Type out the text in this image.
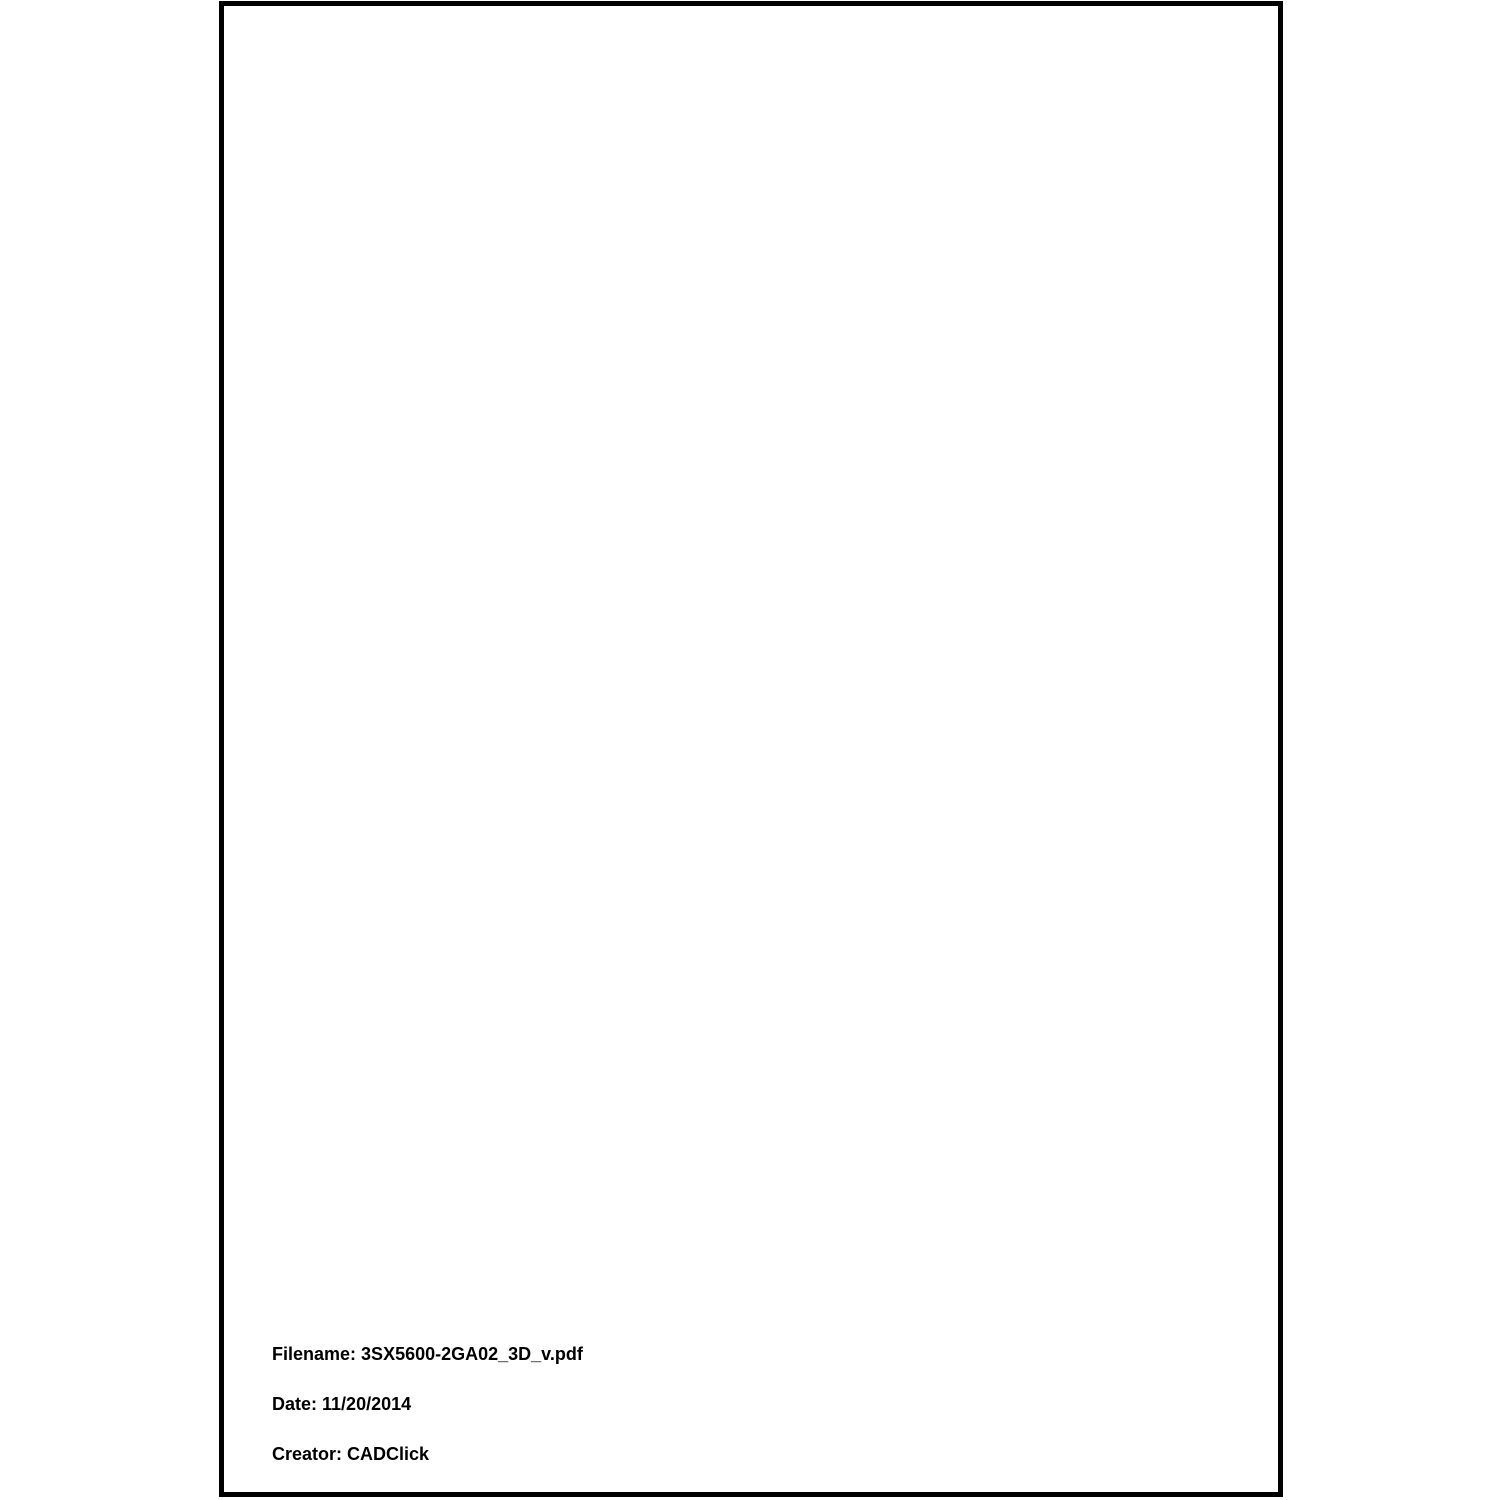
Filename: 3SX5600-2GA02_3D_v.pdf
Date: 11/20/2014
Creator: CADClick
